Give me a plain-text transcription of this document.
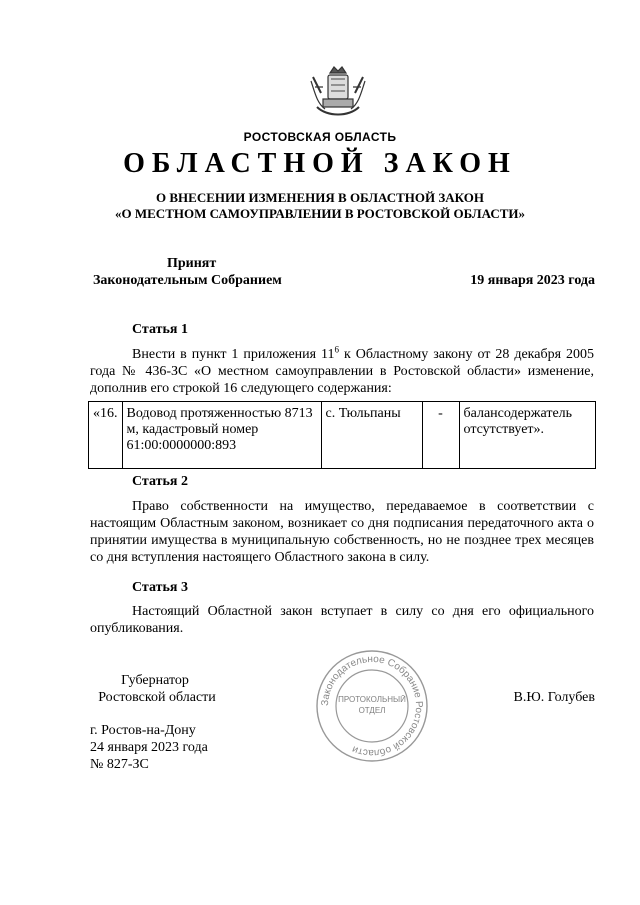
РОСТОВСКАЯ ОБЛАСТЬ
ОБЛАСТНОЙ ЗАКОН
О ВНЕСЕНИИ ИЗМЕНЕНИЯ В ОБЛАСТНОЙ ЗАКОН
«О МЕСТНОМ САМОУПРАВЛЕНИИ В РОСТОВСКОЙ ОБЛАСТИ»
Принят
Законодательным Собранием	19 января 2023 года
Статья 1
Внести в пункт 1 приложения $11^6$ к Областному закону от 28 декабря 2005 года № 436-ЗС «О местном самоуправлении в Ростовской области» изменение, дополнив его строкой 16 следующего содержания:
«16.	Водовод протяженностью 8713 м, кадастровый номер 61:00:0000000:893	с. Тюльпаны	-	балансодержатель отсутствует».
Статья 2
Право собственности на имущество, передаваемое в соответствии с настоящим Областным законом, возникает со дня подписания передаточного акта о принятии имущества в муниципальную собственность, но не позднее трех месяцев со дня вступления настоящего Областного закона в силу.
Статья 3
Настоящий Областной закон вступает в силу со дня его официального опубликования.
Губернатор
Ростовской области	В.Ю. Голубев
Законодательное Собрание Ростовской области
ПРОТОКОЛЬНЫЙ
ОТДЕЛ
г. Ростов-на-Дону
24 января 2023 года
№ 827-ЗС
